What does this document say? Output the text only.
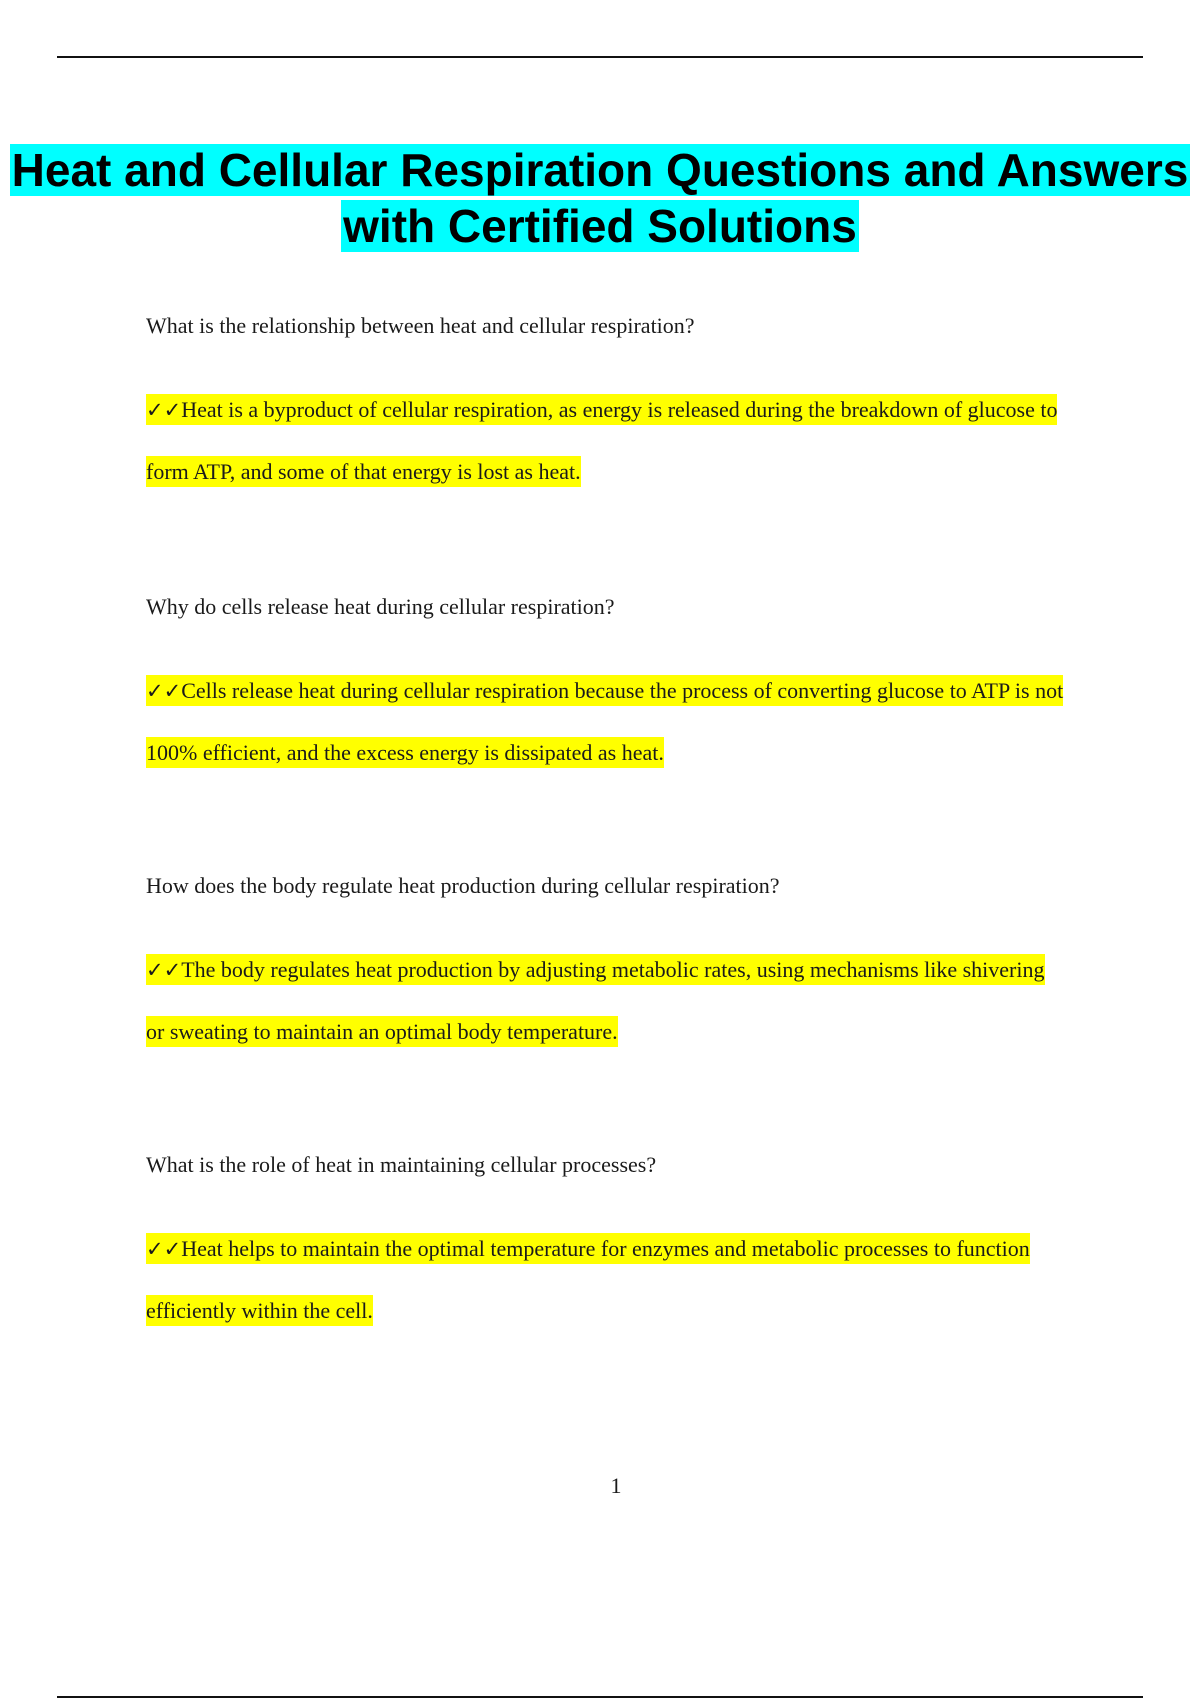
Heat and Cellular Respiration Questions and Answers with Certified Solutions

What is the relationship between heat and cellular respiration?

✓✓Heat is a byproduct of cellular respiration, as energy is released during the breakdown of glucose to form ATP, and some of that energy is lost as heat.

Why do cells release heat during cellular respiration?

✓✓Cells release heat during cellular respiration because the process of converting glucose to ATP is not 100% efficient, and the excess energy is dissipated as heat.

How does the body regulate heat production during cellular respiration?

✓✓The body regulates heat production by adjusting metabolic rates, using mechanisms like shivering or sweating to maintain an optimal body temperature.

What is the role of heat in maintaining cellular processes?

✓✓Heat helps to maintain the optimal temperature for enzymes and metabolic processes to function efficiently within the cell.

1
